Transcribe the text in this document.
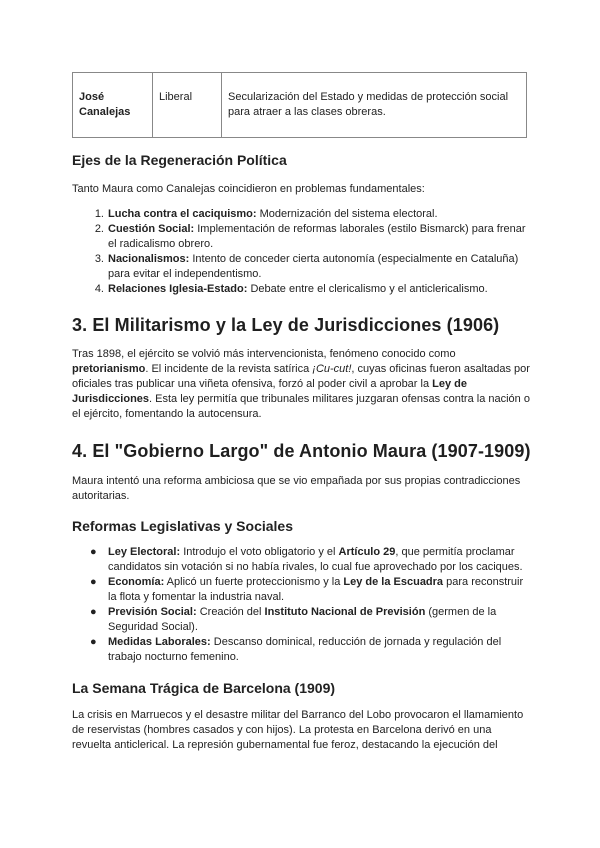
José Canalejas	Liberal	Secularización del Estado y medidas de protección social para atraer a las clases obreras.
Ejes de la Regeneración Política

Tanto Maura como Canalejas coincidieron en problemas fundamentales:

1. Lucha contra el caciquismo: Modernización del sistema electoral.
2. Cuestión Social: Implementación de reformas laborales (estilo Bismarck) para frenar el radicalismo obrero.
3. Nacionalismos: Intento de conceder cierta autonomía (especialmente en Cataluña) para evitar el independentismo.
4. Relaciones Iglesia-Estado: Debate entre el clericalismo y el anticlericalismo.
3. El Militarismo y la Ley de Jurisdicciones (1906)

Tras 1898, el ejército se volvió más intervencionista, fenómeno conocido como pretorianismo. El incidente de la revista satírica ¡Cu-cut!, cuyas oficinas fueron asaltadas por oficiales tras publicar una viñeta ofensiva, forzó al poder civil a aprobar la Ley de Jurisdicciones. Esta ley permitía que tribunales militares juzgaran ofensas contra la nación o el ejército, fomentando la autocensura.

4. El "Gobierno Largo" de Antonio Maura (1907-1909)

Maura intentó una reforma ambiciosa que se vio empañada por sus propias contradicciones autoritarias.

Reformas Legislativas y Sociales
● Ley Electoral: Introdujo el voto obligatorio y el Artículo 29, que permitía proclamar candidatos sin votación si no había rivales, lo cual fue aprovechado por los caciques.
● Economía: Aplicó un fuerte proteccionismo y la Ley de la Escuadra para reconstruir la flota y fomentar la industria naval.
● Previsión Social: Creación del Instituto Nacional de Previsión (germen de la Seguridad Social).
● Medidas Laborales: Descanso dominical, reducción de jornada y regulación del trabajo nocturno femenino.
La Semana Trágica de Barcelona (1909)

La crisis en Marruecos y el desastre militar del Barranco del Lobo provocaron el llamamiento de reservistas (hombres casados y con hijos). La protesta en Barcelona derivó en una revuelta anticlerical. La represión gubernamental fue feroz, destacando la ejecución del
